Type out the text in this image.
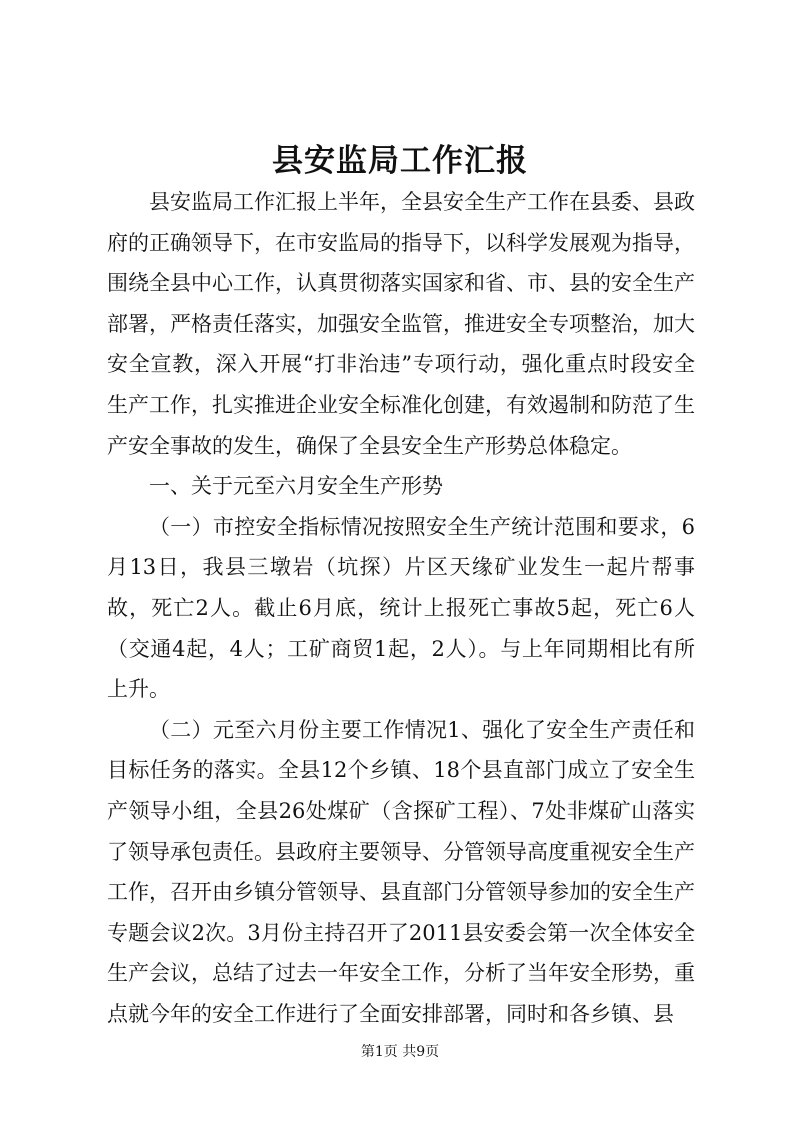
县安监局工作汇报

县安监局工作汇报上半年，全县安全生产工作在县委、县政府的正确领导下，在市安监局的指导下，以科学发展观为指导，围绕全县中心工作，认真贯彻落实国家和省、市、县的安全生产部署，严格责任落实，加强安全监管，推进安全专项整治，加大安全宣教，深入开展“打非治违”专项行动，强化重点时段安全生产工作，扎实推进企业安全标准化创建，有效遏制和防范了生产安全事故的发生，确保了全县安全生产形势总体稳定。

一、关于元至六月安全生产形势

（一）市控安全指标情况按照安全生产统计范围和要求，6月13日，我县三墩岩（坑探）片区天缘矿业发生一起片帮事故，死亡2人。截止6月底，统计上报死亡事故5起，死亡6人（交通4起，4人；工矿商贸1起，2人）。与上年同期相比有所上升。

（二）元至六月份主要工作情况1、强化了安全生产责任和目标任务的落实。全县12个乡镇、18个县直部门成立了安全生产领导小组，全县26处煤矿（含探矿工程）、7处非煤矿山落实了领导承包责任。县政府主要领导、分管领导高度重视安全生产工作，召开由乡镇分管领导、县直部门分管领导参加的安全生产专题会议2次。3月份主持召开了2011县安委会第一次全体安全生产会议，总结了过去一年安全工作，分析了当年安全形势，重点就今年的安全工作进行了全面安排部署，同时和各乡镇、县

第1页 共9页
